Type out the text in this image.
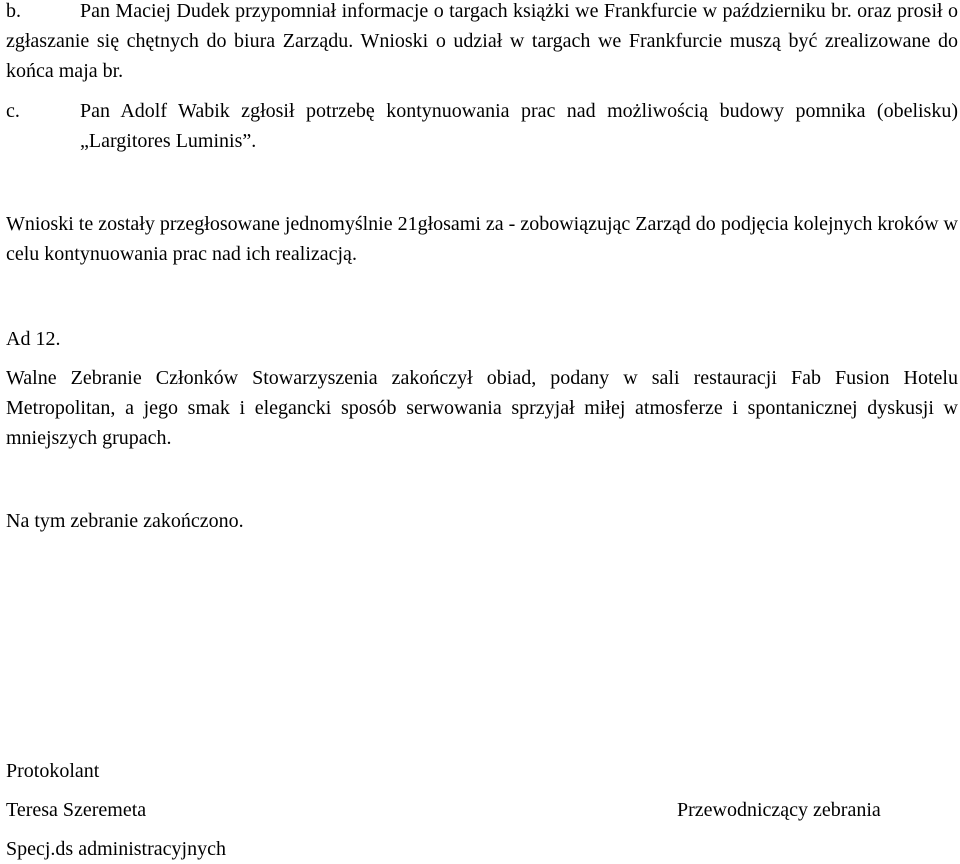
b.	Pan Maciej Dudek przypomniał informacje o targach książki we Frankfurcie w październiku br. oraz prosił o zgłaszanie się chętnych do biura Zarządu. Wnioski o udział w targach we Frankfurcie muszą być zrealizowane do końca maja br.
c.	Pan Adolf Wabik zgłosił potrzebę kontynuowania prac nad możliwością budowy pomnika (obelisku) „Largitores Luminis”.
Wnioski te zostały przegłosowane jednomyślnie 21głosami za - zobowiązując Zarząd do podjęcia kolejnych kroków w celu kontynuowania prac nad ich realizacją.
Ad 12.
Walne Zebranie Członków Stowarzyszenia zakończył obiad, podany w sali restauracji Fab Fusion Hotelu Metropolitan, a jego smak i elegancki sposób serwowania sprzyjał miłej atmosferze i spontanicznej dyskusji w mniejszych grupach.
Na tym zebranie zakończono.
Protokolant
Teresa Szeremeta	Przewodniczący zebrania
Specj.ds administracyjnych
